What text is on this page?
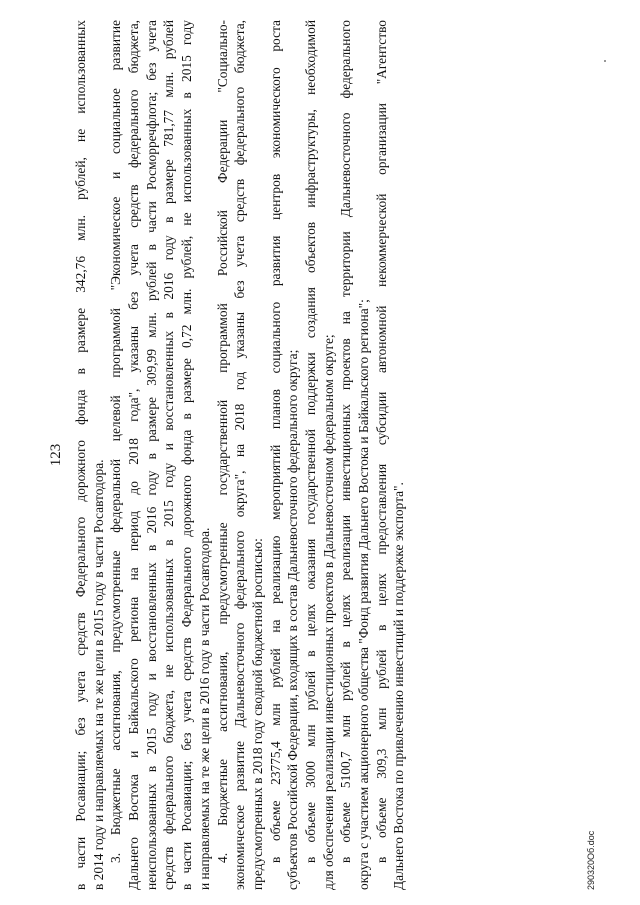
123 в части Росавиации; без учета средств Федерального дорожного фонда в размере 342,76 млн. рублей, не использованных в 2014 году и направляемых на те же цели в 2015 году в части Росавтодора. 3. Бюджетные ассигнования, предусмотренные федеральной целевой программой "Экономическое и социальное развитие Дальнего Востока и Байкальского региона на период до 2018 года", указаны без учета средств федерального бюджета, неиспользованных в 2015 году и восстановленных в 2016 году в размере 309,99 млн. рублей в части Росморречфлота; без учета средств федерального бюджета, не использованных в 2015 году и восстановленных в 2016 году в размере 781,77 млн. рублей в части Росавиации; без учета средств Федерального дорожного фонда в размере 0,72 млн. рублей, не использованных в 2015 году и направляемых на те же цели в 2016 году в части Росавтодора. 4. Бюджетные ассигнования, предусмотренные государственной программой Российской Федерации "Социально- экономическое развитие Дальневосточного федерального округа", на 2018 год указаны без учета средств федерального бюджета, предусмотренных в 2018 году сводной бюджетной росписью: в объеме 23775,4 млн рублей на реализацию мероприятий планов социального развития центров экономического роста субъектов Российской Федерации, входящих в состав Дальневосточного федерального округа; в объеме 3000 млн рублей в целях оказания государственной поддержки создания объектов инфраструктуры, необходимой для обеспечения реализации инвестиционных проектов в Дальневосточном федеральном округе; в объеме 5100,7 млн рублей в целях реализации инвестиционных проектов на территории Дальневосточного федерального округа с участием акционерного общества "Фонд развития Дальнего Востока и Байкальского региона"; в объеме 309,3 млн рублей в целях предоставления субсидии автономной некоммерческой организации "Агентство Дальнего Востока по привлечению инвестиций и поддержке экспорта".	290320Об.doc
